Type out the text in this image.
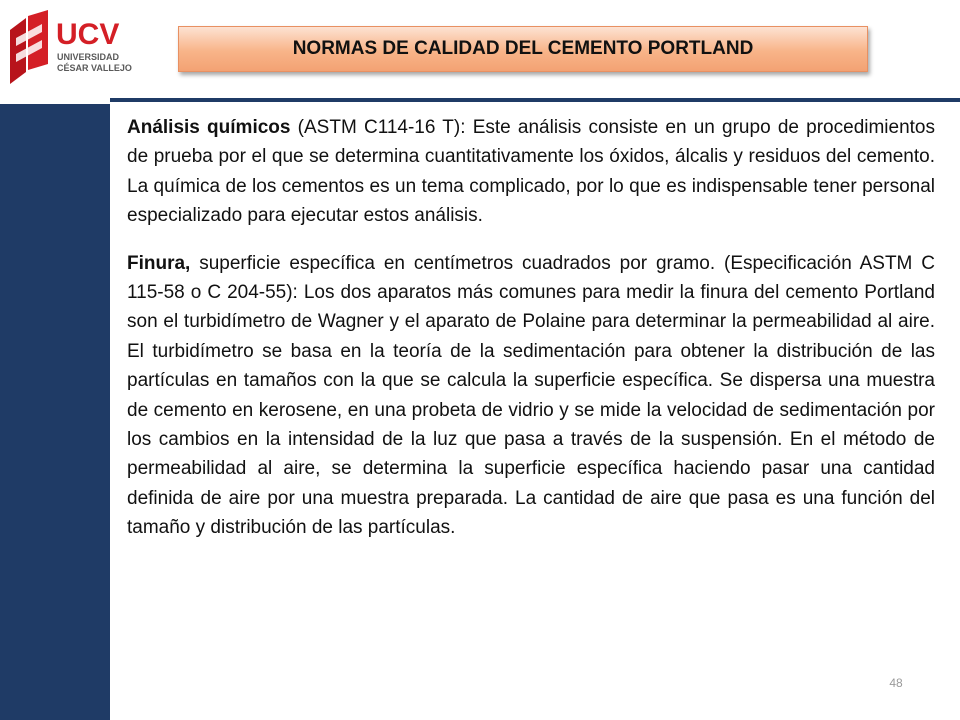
UCV
UNIVERSIDAD
CÉSAR VALLEJO
NORMAS DE CALIDAD DEL CEMENTO PORTLAND

Análisis químicos (ASTM C114-16 T): Este análisis consiste en un grupo de procedimientos de prueba por el que se determina cuantitativamente los óxidos, álcalis y residuos del cemento. La química de los cementos es un tema complicado, por lo que es indispensable tener personal especializado para ejecutar estos análisis.

Finura, superficie específica en centímetros cuadrados por gramo. (Especificación ASTM C 115-58 o C 204-55): Los dos aparatos más comunes para medir la finura del cemento Portland son el turbidímetro de Wagner y el aparato de Polaine para determinar la permeabilidad al aire. El turbidímetro se basa en la teoría de la sedimentación para obtener la distribución de las partículas en tamaños con la que se calcula la superficie específica. Se dispersa una muestra de cemento en kerosene, en una probeta de vidrio y se mide la velocidad de sedimentación por los cambios en la intensidad de la luz que pasa a través de la suspensión. En el método de permeabilidad al aire, se determina la superficie específica haciendo pasar una cantidad definida de aire por una muestra preparada. La cantidad de aire que pasa es una función del tamaño y distribución de las partículas.

48
